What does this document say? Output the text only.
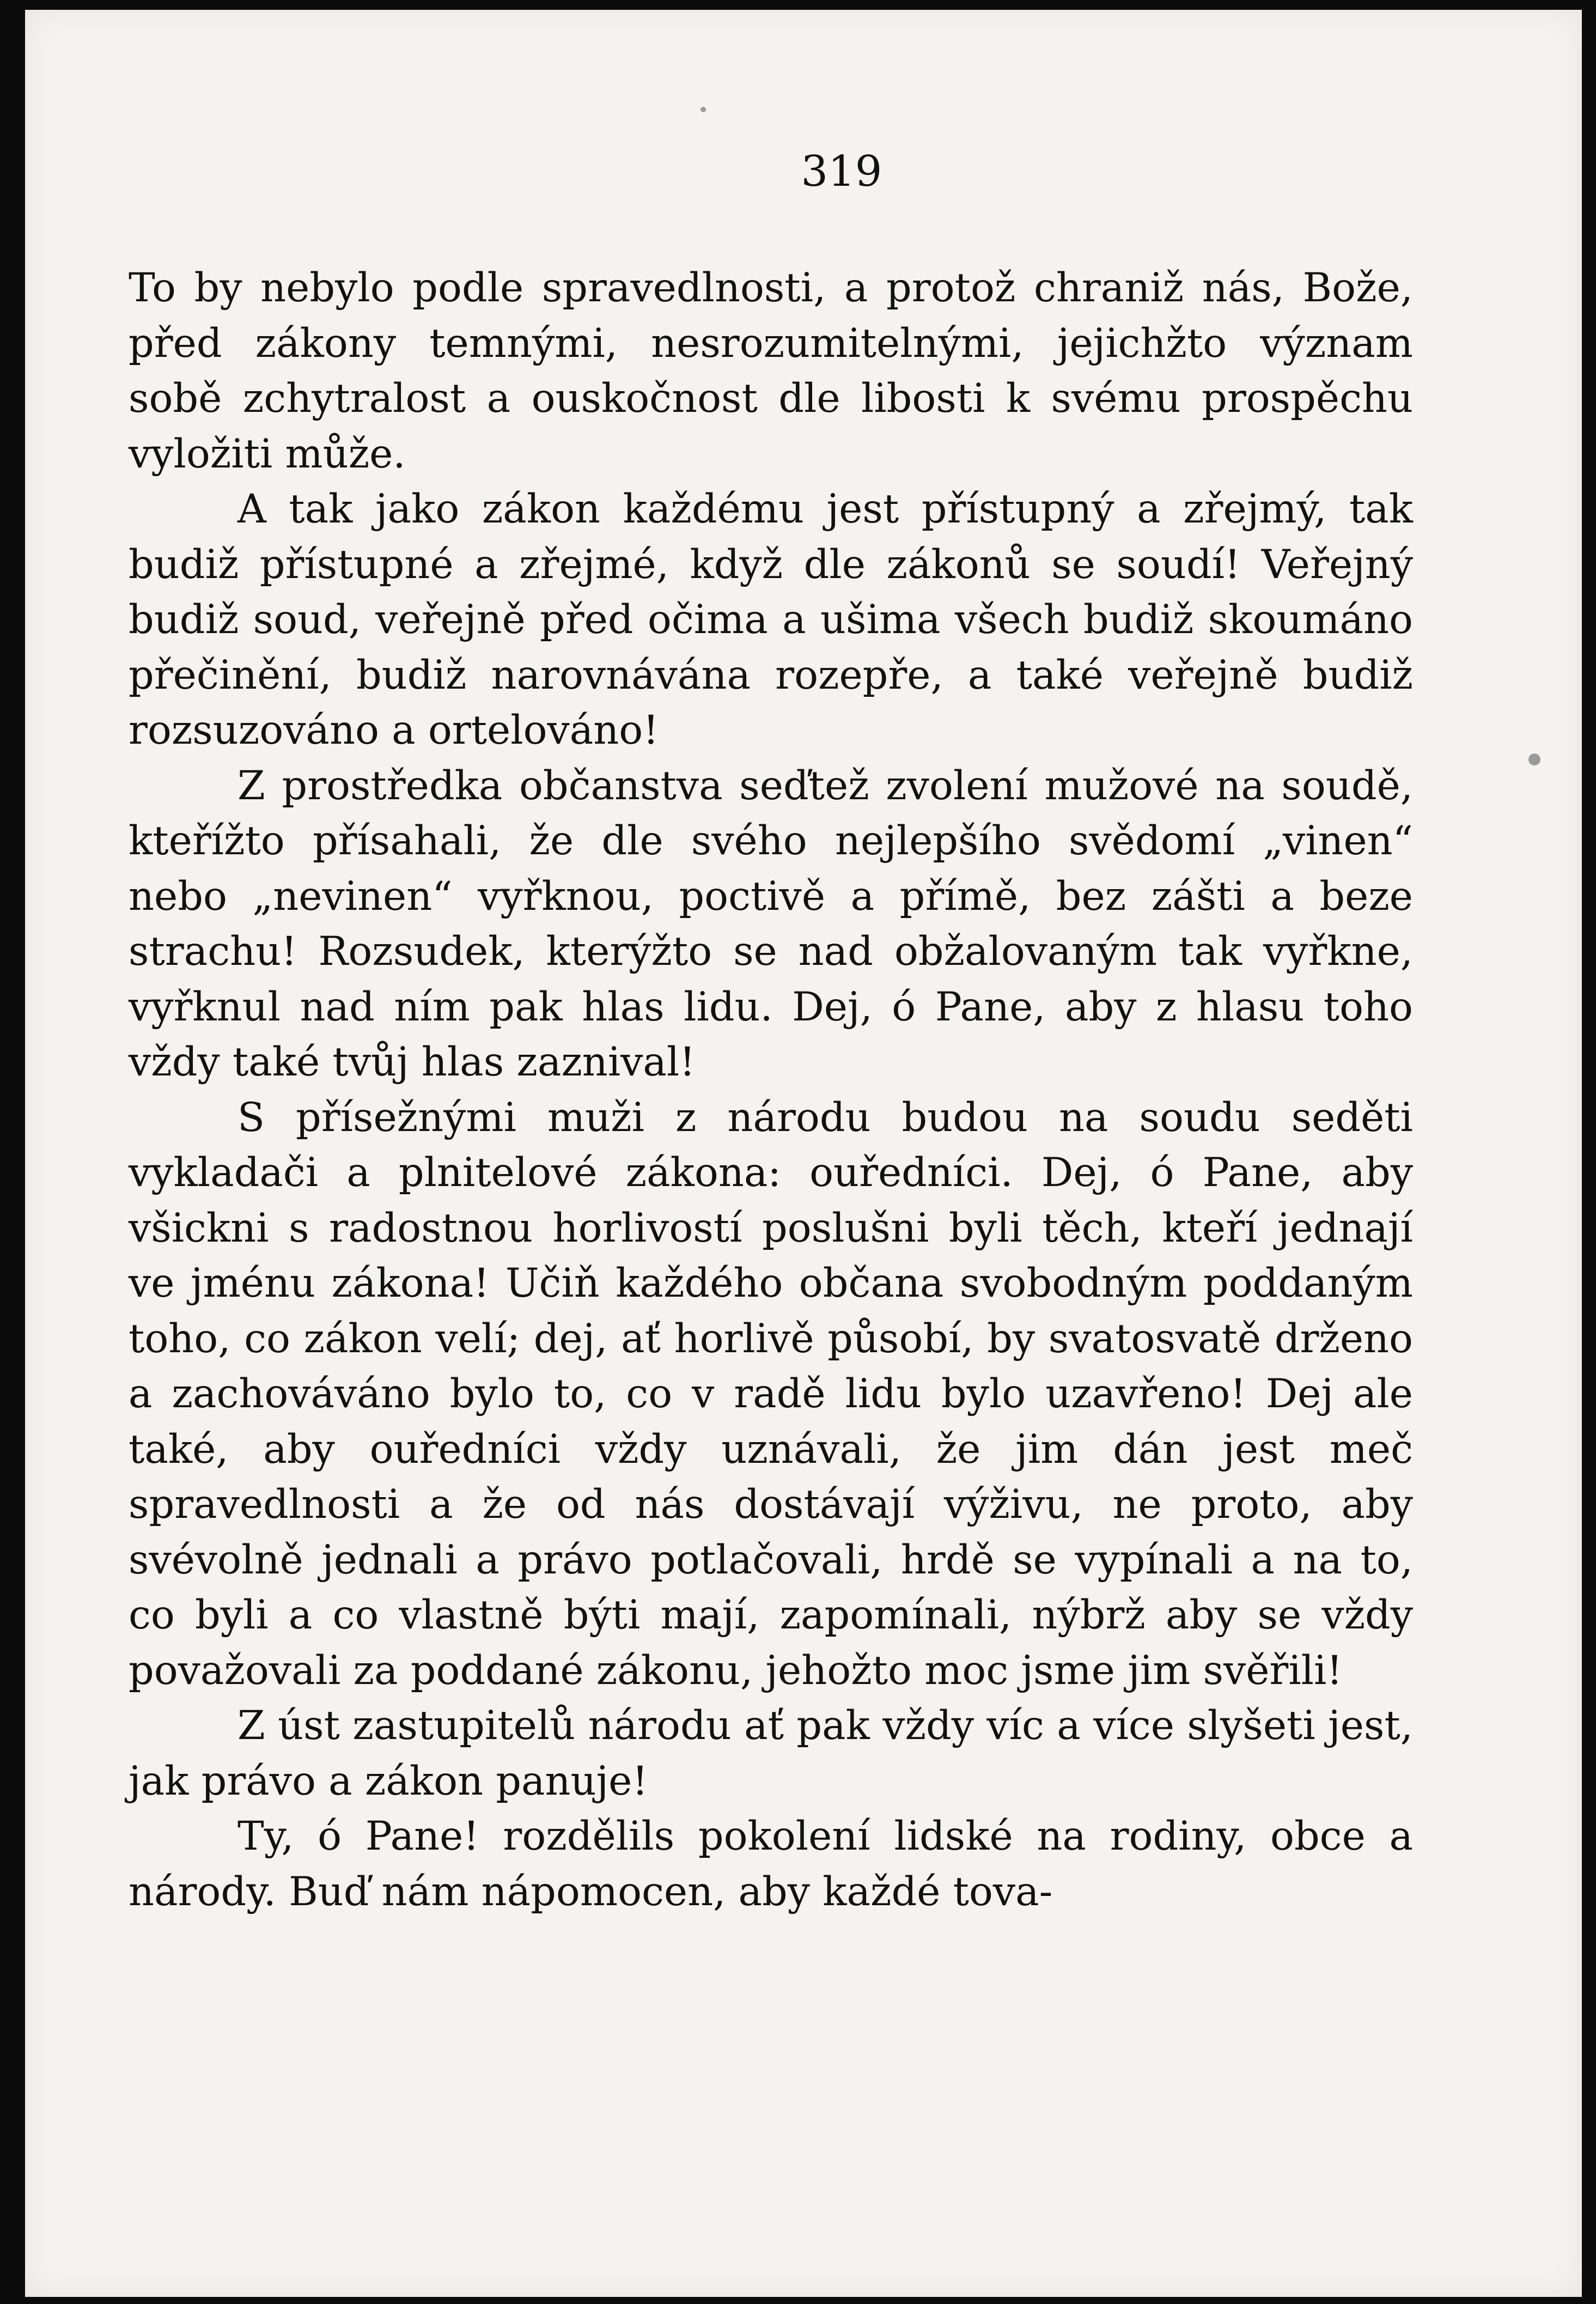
319

To by nebylo podle spravedlnosti, a protož chraniž nás, Bože, před zákony temnými, nesrozumitelnými, jejichžto význam sobě zchytralost a ouskočnost dle libosti k svému prospěchu vyložiti může.

A tak jako zákon každému jest přístupný a zřejmý, tak budiž přístupné a zřejmé, když dle zákonů se soudí! Veřejný budiž soud, veřejně před očima a ušima všech budiž skoumáno přečinění, budiž narovnávána rozepře, a také veřejně budiž rozsuzováno a ortelováno!

Z prostředka občanstva seďtež zvolení mužové na soudě, kteřížto přísahali, že dle svého nejlepšího svědomí „vinen“ nebo „nevinen“ vyřknou, poctivě a přímě, bez zášti a beze strachu! Rozsudek, kterýžto se nad obžalovaným tak vyřkne, vyřknul nad ním pak hlas lidu. Dej, ó Pane, aby z hlasu toho vždy také tvůj hlas zaznival!

S přísežnými muži z národu budou na soudu seděti vykladači a plnitelové zákona: ouředníci. Dej, ó Pane, aby všickni s radostnou horlivostí poslušni byli těch, kteří jednají ve jménu zákona! Učiň každého občana svobodným poddaným toho, co zákon velí; dej, ať horlivě působí, by svatosvatě drženo a zachováváno bylo to, co v radě lidu bylo uzavřeno! Dej ale také, aby ouředníci vždy uznávali, že jim dán jest meč spravedlnosti a že od nás dostávají výživu, ne proto, aby svévolně jednali a právo potlačovali, hrdě se vypínali a na to, co byli a co vlastně býti mají, zapomínali, nýbrž aby se vždy považovali za poddané zákonu, jehožto moc jsme jim svěřili!

Z úst zastupitelů národu ať pak vždy víc a více slyšeti jest, jak právo a zákon panuje!

Ty, ó Pane! rozdělils pokolení lidské na rodiny, obce a národy. Buď nám nápomocen, aby každé tova-
